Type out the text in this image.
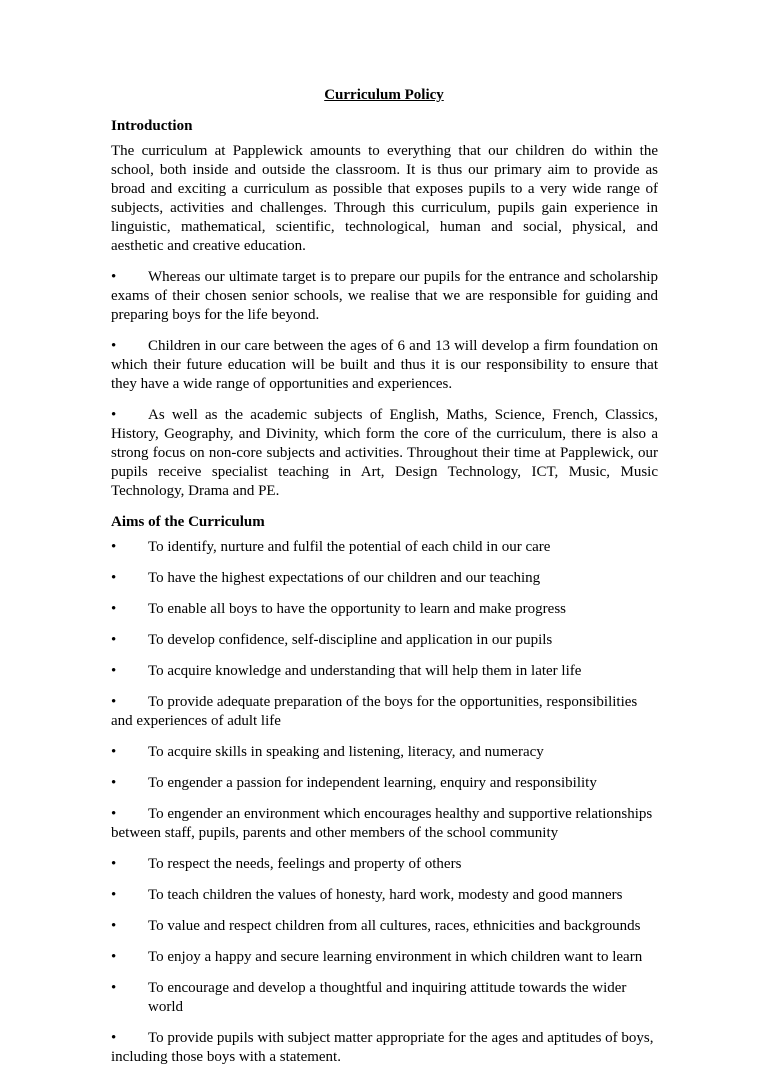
Curriculum Policy
Introduction

The curriculum at Papplewick amounts to everything that our children do within the school, both inside and outside the classroom. It is thus our primary aim to provide as broad and exciting a curriculum as possible that exposes pupils to a very wide range of subjects, activities and challenges. Through this curriculum, pupils gain experience in linguistic, mathematical, scientific, technological, human and social, physical, and aesthetic and creative education.

• Whereas our ultimate target is to prepare our pupils for the entrance and scholarship exams of their chosen senior schools, we realise that we are responsible for guiding and preparing boys for the life beyond.

• Children in our care between the ages of 6 and 13 will develop a firm foundation on which their future education will be built and thus it is our responsibility to ensure that they have a wide range of opportunities and experiences.

• As well as the academic subjects of English, Maths, Science, French, Classics, History, Geography, and Divinity, which form the core of the curriculum, there is also a strong focus on non-core subjects and activities. Throughout their time at Papplewick, our pupils receive specialist teaching in Art, Design Technology, ICT, Music, Music Technology, Drama and PE.

Aims of the Curriculum
• To identify, nurture and fulfil the potential of each child in our care
• To have the highest expectations of our children and our teaching
• To enable all boys to have the opportunity to learn and make progress
• To develop confidence, self-discipline and application in our pupils
• To acquire knowledge and understanding that will help them in later life
• To provide adequate preparation of the boys for the opportunities, responsibilities and experiences of adult life
• To acquire skills in speaking and listening, literacy, and numeracy
• To engender a passion for independent learning, enquiry and responsibility
• To engender an environment which encourages healthy and supportive relationships between staff, pupils, parents and other members of the school community
• To respect the needs, feelings and property of others
• To teach children the values of honesty, hard work, modesty and good manners
• To value and respect children from all cultures, races, ethnicities and backgrounds
• To enjoy a happy and secure learning environment in which children want to learn
• To encourage and develop a thoughtful and inquiring attitude towards the wider world
• To provide pupils with subject matter appropriate for the ages and aptitudes of boys, including those boys with a statement.
